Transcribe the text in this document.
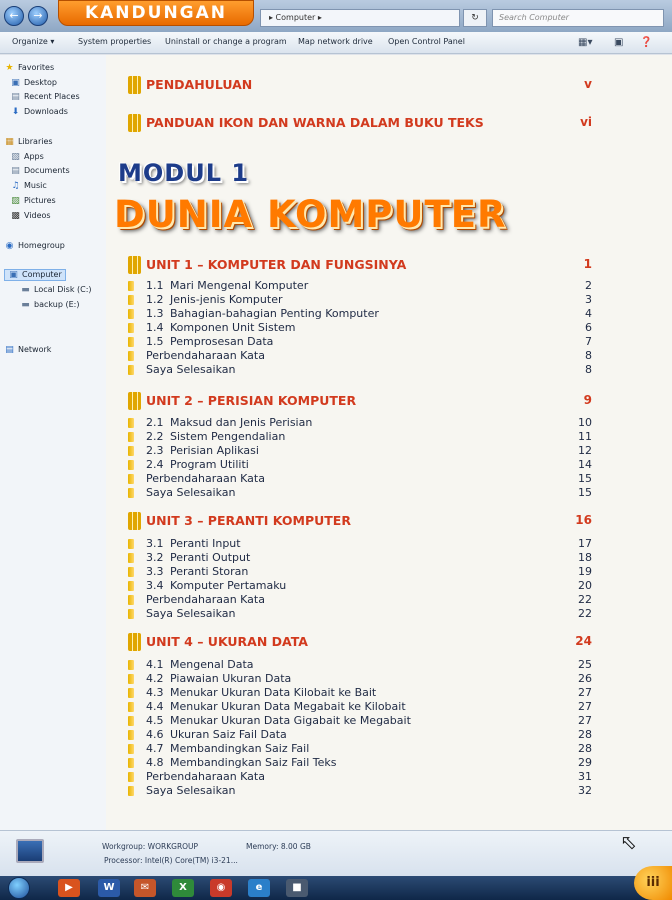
←	→	KANDUNGAN	▸ Computer ▸	↻	Search Computer
Organize ▾	System properties Uninstall or change a program Map network drive Open Control Panel	▦▾ ▣ ❓
★ Favorites
▣ Desktop
▤ Recent Places
⬇ Downloads
▦ Libraries
▧ Apps
▤ Documents
♫ Music
▨ Pictures
▩ Videos
◉ Homegroup
▣ Computer
▬ Local Disk (C:)
▬ backup (E:)
▤ Network
PENDAHULUAN	v
PANDUAN IKON DAN WARNA DALAM BUKU TEKS	vi
MODUL 1
DUNIA KOMPUTER
UNIT 1 – KOMPUTER DAN FUNGSINYA	1
1.1 Mari Mengenal Komputer	2
1.2 Jenis-jenis Komputer	3
1.3 Bahagian-bahagian Penting Komputer	4
1.4 Komponen Unit Sistem	6
1.5 Pemprosesan Data	7
Perbendaharaan Kata	8
Saya Selesaikan	8
UNIT 2 – PERISIAN KOMPUTER	9
2.1 Maksud dan Jenis Perisian	10
2.2 Sistem Pengendalian	11
2.3 Perisian Aplikasi	12
2.4 Program Utiliti	14
Perbendaharaan Kata	15
Saya Selesaikan	15
UNIT 3 – PERANTI KOMPUTER	16
3.1 Peranti Input	17
3.2 Peranti Output	18
3.3 Peranti Storan	19
3.4 Komputer Pertamaku	20
Perbendaharaan Kata	22
Saya Selesaikan	22
UNIT 4 – UKURAN DATA	24
4.1 Mengenal Data	25
4.2 Piawaian Ukuran Data	26
4.3 Menukar Ukuran Data Kilobait ke Bait	27
4.4 Menukar Ukuran Data Megabait ke Kilobait	27
4.5 Menukar Ukuran Data Gigabait ke Megabait	27
4.6 Ukuran Saiz Fail Data	28
4.7 Membandingkan Saiz Fail	28
4.8 Membandingkan Saiz Fail Teks	29
Perbendaharaan Kata	31
Saya Selesaikan	32
Workgroup: WORKGROUP	Memory: 8.00 GB
Processor: Intel(R) Core(TM) i3-21...
⬁
▶	W	✉	X	◉	e	■	iii
